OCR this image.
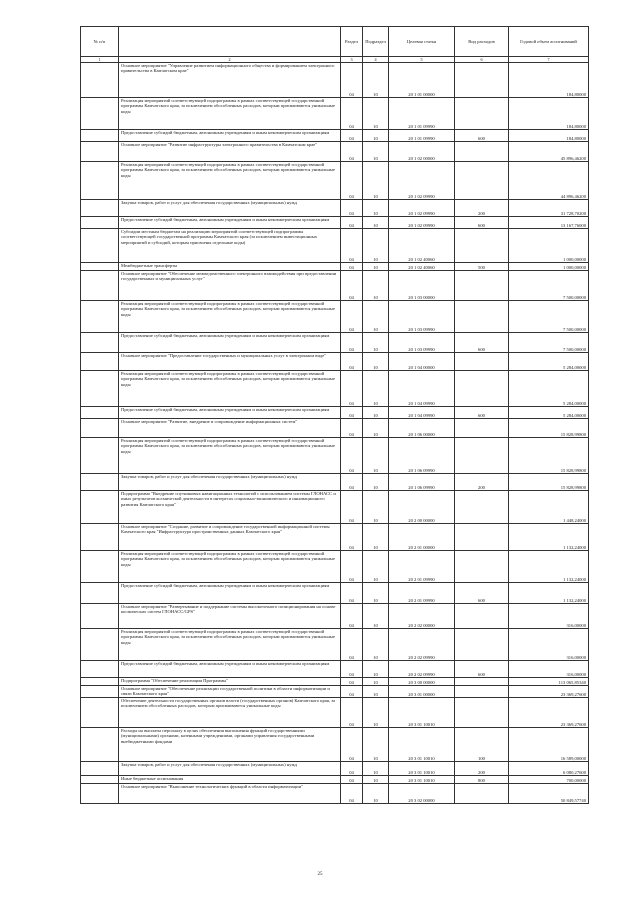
№ п/п		Раздел	Подраздел	Целевая статья	Вид расходов	Годовой объем ассигнований
1	2	3	4	5	6	7
	Основное мероприятие "Управление развитием информационного общества и формированием электронного правительства в Камчатском крае"	04	10	20 1 01 00000		184,80000
	Реализация мероприятий соответствующей подпрограммы в рамках соответствующей государственной программы Камчатского края, за исключением обособленных расходов, которым присваиваются уникальные коды	04	10	20 1 01 09990		184,80000
	Предоставление субсидий бюджетным, автономным учреждениям и иным некоммерческим организациям	04	10	20 1 01 09990	600	184,80000
	Основное мероприятие "Развитие инфраструктуры электронного правительства в Камчатском крае"	04	10	20 1 02 00000		45 896,46200
	Реализация мероприятий соответствующей подпрограммы в рамках соответствующей государственной программы Камчатского края, за исключением обособленных расходов, которым присваиваются уникальные коды	04	10	20 1 02 09990		44 896,46200
	Закупка товаров, работ и услуг для обеспечения государственных (муниципальных) нужд	04	10	20 1 02 09990	200	31 728,70200
	Предоставление субсидий бюджетным, автономным учреждениям и иным некоммерческим организациям	04	10	20 1 02 09990	600	13 167,76000
	Субсидии местным бюджетам на реализацию мероприятий соответствующей подпрограммы соответствующей государственной программы Камчатского края (за исключением инвестиционных мероприятий и субсидий, которым присвоены отдельные коды)	04	10	20 1 02 40060		1 000,00000
	Межбюджетные трансферты	04	10	20 1 02 40060	500	1 000,00000
	Основное мероприятие "Обеспечение межведомственного электронного взаимодействия при предоставлении государственных и муниципальных услуг"	04	10	20 1 03 00000		7 500,00000
	Реализация мероприятий соответствующей подпрограммы в рамках соответствующей государственной программы Камчатского края, за исключением обособленных расходов, которым присваиваются уникальные коды	04	10	20 1 03 09990		7 500,00000
	Предоставление субсидий бюджетным, автономным учреждениям и иным некоммерческим организациям	04	10	20 1 03 09990	600	7 500,00000
	Основное мероприятие "Предоставление государственных и муниципальных услуг в электронном виде"	04	10	20 1 04 00000		5 284,00000
	Реализация мероприятий соответствующей подпрограммы в рамках соответствующей государственной программы Камчатского края, за исключением обособленных расходов, которым присваиваются уникальные коды	04	10	20 1 04 09990		5 284,00000
	Предоставление субсидий бюджетным, автономным учреждениям и иным некоммерческим организациям	04	10	20 1 04 09990	600	5 284,00000
	Основное мероприятие "Развитие, внедрение и сопровождение информационных систем"	04	10	20 1 06 00000		15 828,99800
	Реализация мероприятий соответствующей подпрограммы в рамках соответствующей государственной программы Камчатского края, за исключением обособленных расходов, которым присваиваются уникальные коды	04	10	20 1 06 09990		15 828,99800
	Закупка товаров, работ и услуг для обеспечения государственных (муниципальных) нужд	04	10	20 1 06 09990	200	15 828,99800
	Подпрограмма "Внедрение спутниковых навигационных технологий с использованием системы ГЛОНАСС и иных результатов космической деятельности в интересах социально-экономического и инновационного развития Камчатского края"	04	10	20 2 00 00000		1 448,24000
	Основное мероприятие "Создание, развитие и сопровождение государственной информационной системы Камчатского края "Инфраструктура пространственных данных Камчатского края"	04	10	20 2 01 00000		1 132,24000
	Реализация мероприятий соответствующей подпрограммы в рамках соответствующей государственной программы Камчатского края, за исключением обособленных расходов, которым присваиваются уникальные коды	04	10	20 2 01 09990		1 132,24000
	Предоставление субсидий бюджетным, автономным учреждениям и иным некоммерческим организациям	04	10	20 2 01 09990	600	1 132,24000
	Основное мероприятие "Развертывание и поддержание системы высокоточного позиционирования на основе космических систем ГЛОНАСС/GPS"	04	10	20 2 02 00000		316,00000
	Реализация мероприятий соответствующей подпрограммы в рамках соответствующей государственной программы Камчатского края, за исключением обособленных расходов, которым присваиваются уникальные коды	04	10	20 2 02 09990		316,00000
	Предоставление субсидий бюджетным, автономным учреждениям и иным некоммерческим организациям	04	10	20 2 02 09990	600	316,00000
	Подпрограмма "Обеспечение реализации Программы"	04	10	20 3 00 00000		113 065,85340
	Основное мероприятие "Обеспечение реализации государственной политики в области информатизации и связи Камчатского края"	04	10	20 3 01 00000		23 369,27600
	Обеспечение деятельности государственных органов власти (государственных органов) Камчатского края, за исключением обособленных расходов, которым присваиваются уникальные коды	04	10	20 3 01 10010		23 369,27600
	Расходы на выплаты персоналу в целях обеспечения выполнения функций государственными (муниципальными) органами, казенными учреждениями, органами управления государственными внебюджетными фондами	04	10	20 3 01 10010	100	16 589,00000
	Закупка товаров, работ и услуг для обеспечения государственных (муниципальных) нужд	04	10	20 3 01 10010	200	6 080,27600
	Иные бюджетные ассигнования	04	10	20 3 01 10010	800	700,00000
	Основное мероприятие "Выполнение технологических функций в области информатизации"	04	10	20 3 02 00000		50 849,57740
25
